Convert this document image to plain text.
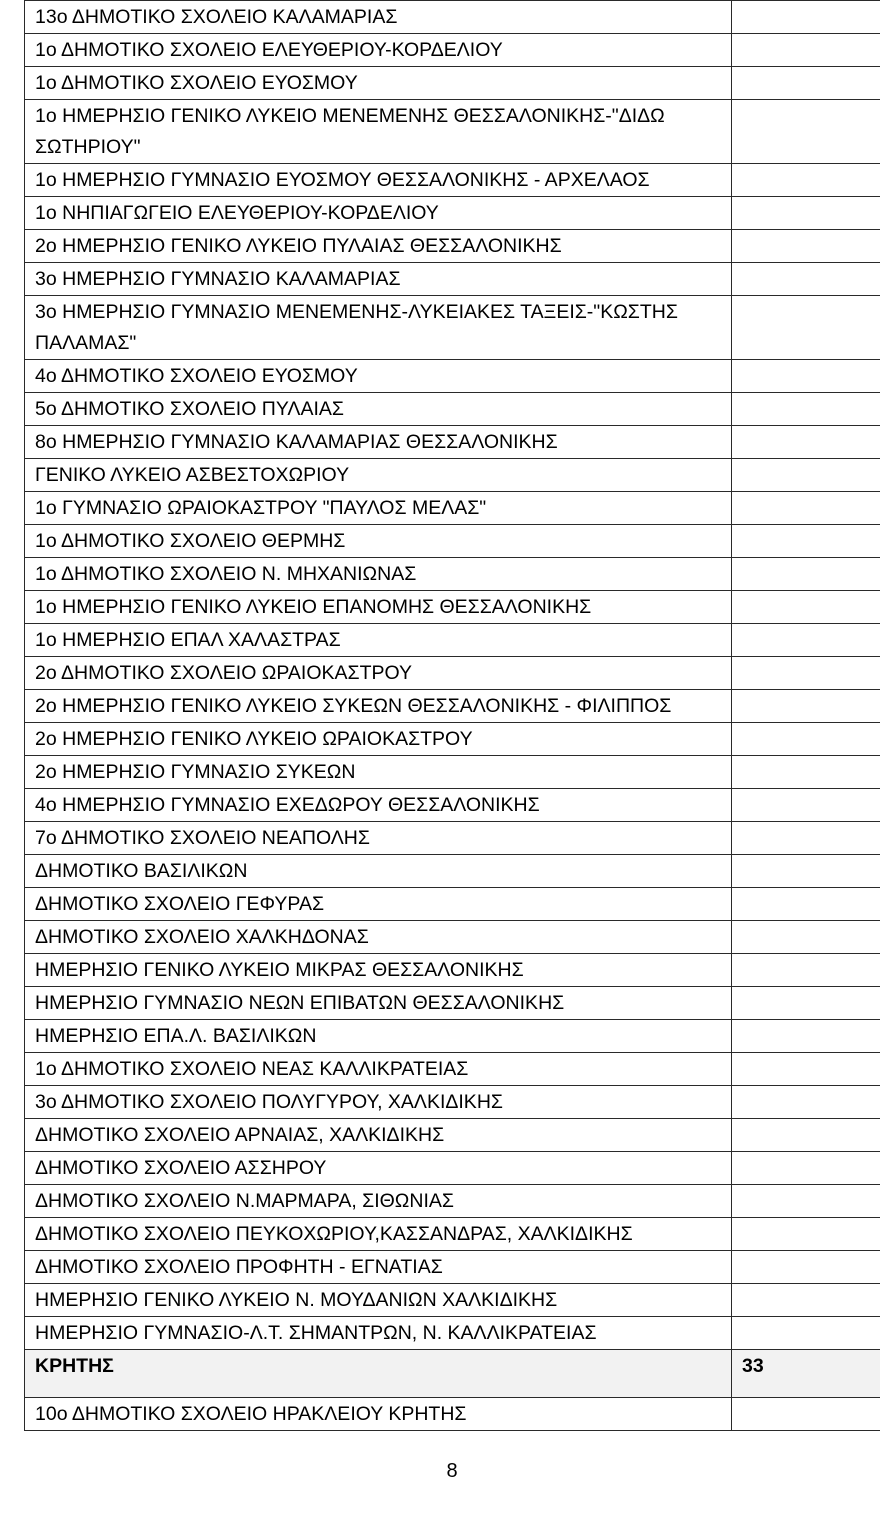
13ο ΔΗΜΟΤΙΚΟ ΣΧΟΛΕΙΟ ΚΑΛΑΜΑΡΙΑΣ	
1ο ΔΗΜΟΤΙΚΟ ΣΧΟΛΕΙΟ ΕΛΕΥΘΕΡΙΟΥ-ΚΟΡΔΕΛΙΟΥ	
1ο ΔΗΜΟΤΙΚΟ ΣΧΟΛΕΙΟ ΕΥΟΣΜΟΥ	
1ο ΗΜΕΡΗΣΙΟ ΓΕΝΙΚΟ ΛΥΚΕΙΟ ΜΕΝΕΜΕΝΗΣ ΘΕΣΣΑΛΟΝΙΚΗΣ-"ΔΙΔΩ ΣΩΤΗΡΙΟΥ"	
1ο ΗΜΕΡΗΣΙΟ ΓΥΜΝΑΣΙΟ ΕΥΟΣΜΟΥ ΘΕΣΣΑΛΟΝΙΚΗΣ - ΑΡΧΕΛΑΟΣ	
1ο ΝΗΠΙΑΓΩΓΕΙΟ ΕΛΕΥΘΕΡΙΟΥ-ΚΟΡΔΕΛΙΟΥ	
2ο ΗΜΕΡΗΣΙΟ ΓΕΝΙΚΟ ΛΥΚΕΙΟ ΠΥΛΑΙΑΣ ΘΕΣΣΑΛΟΝΙΚΗΣ	
3ο ΗΜΕΡΗΣΙΟ ΓΥΜΝΑΣΙΟ ΚΑΛΑΜΑΡΙΑΣ	
3ο ΗΜΕΡΗΣΙΟ ΓΥΜΝΑΣΙΟ ΜΕΝΕΜΕΝΗΣ-ΛΥΚΕΙΑΚΕΣ ΤΑΞΕΙΣ-"ΚΩΣΤΗΣ ΠΑΛΑΜΑΣ"	
4ο ΔΗΜΟΤΙΚΟ ΣΧΟΛΕΙΟ ΕΥΟΣΜΟΥ	
5ο ΔΗΜΟΤΙΚΟ ΣΧΟΛΕΙΟ ΠΥΛΑΙΑΣ	
8ο ΗΜΕΡΗΣΙΟ ΓΥΜΝΑΣΙΟ ΚΑΛΑΜΑΡΙΑΣ ΘΕΣΣΑΛΟΝΙΚΗΣ	
ΓΕΝΙΚΟ ΛΥΚΕΙΟ ΑΣΒΕΣΤΟΧΩΡΙΟΥ	
1ο ΓΥΜΝΑΣΙΟ ΩΡΑΙΟΚΑΣΤΡΟΥ "ΠΑΥΛΟΣ ΜΕΛΑΣ"	
1ο ΔΗΜΟΤΙΚΟ ΣΧΟΛΕΙΟ ΘΕΡΜΗΣ	
1ο ΔΗΜΟΤΙΚΟ ΣΧΟΛΕΙΟ Ν. ΜΗΧΑΝΙΩΝΑΣ	
1ο ΗΜΕΡΗΣΙΟ ΓΕΝΙΚΟ ΛΥΚΕΙΟ ΕΠΑΝΟΜΗΣ ΘΕΣΣΑΛΟΝΙΚΗΣ	
1ο ΗΜΕΡΗΣΙΟ ΕΠΑΛ ΧΑΛΑΣΤΡΑΣ	
2ο ΔΗΜΟΤΙΚΟ ΣΧΟΛΕΙΟ ΩΡΑΙΟΚΑΣΤΡΟΥ	
2ο ΗΜΕΡΗΣΙΟ ΓΕΝΙΚΟ ΛΥΚΕΙΟ ΣΥΚΕΩΝ ΘΕΣΣΑΛΟΝΙΚΗΣ - ΦΙΛΙΠΠΟΣ	
2ο ΗΜΕΡΗΣΙΟ ΓΕΝΙΚΟ ΛΥΚΕΙΟ ΩΡΑΙΟΚΑΣΤΡΟΥ	
2ο ΗΜΕΡΗΣΙΟ ΓΥΜΝΑΣΙΟ ΣΥΚΕΩΝ	
4ο ΗΜΕΡΗΣΙΟ ΓΥΜΝΑΣΙΟ ΕΧΕΔΩΡΟΥ ΘΕΣΣΑΛΟΝΙΚΗΣ	
7ο ΔΗΜΟΤΙΚΟ ΣΧΟΛΕΙΟ ΝΕΑΠΟΛΗΣ	
ΔΗΜΟΤΙΚΟ ΒΑΣΙΛΙΚΩΝ	
ΔΗΜΟΤΙΚΟ ΣΧΟΛΕΙΟ ΓΕΦΥΡΑΣ	
ΔΗΜΟΤΙΚΟ ΣΧΟΛΕΙΟ ΧΑΛΚΗΔΟΝΑΣ	
ΗΜΕΡΗΣΙΟ ΓΕΝΙΚΟ ΛΥΚΕΙΟ ΜΙΚΡΑΣ ΘΕΣΣΑΛΟΝΙΚΗΣ	
ΗΜΕΡΗΣΙΟ ΓΥΜΝΑΣΙΟ ΝΕΩΝ ΕΠΙΒΑΤΩΝ ΘΕΣΣΑΛΟΝΙΚΗΣ	
ΗΜΕΡΗΣΙΟ ΕΠΑ.Λ. ΒΑΣΙΛΙΚΩΝ	
1ο ΔΗΜΟΤΙΚΟ ΣΧΟΛΕΙΟ ΝΕΑΣ ΚΑΛΛΙΚΡΑΤΕΙΑΣ	
3ο ΔΗΜΟΤΙΚΟ ΣΧΟΛΕΙΟ ΠΟΛΥΓΥΡΟΥ, ΧΑΛΚΙΔΙΚΗΣ	
ΔΗΜΟΤΙΚΟ ΣΧΟΛΕΙΟ ΑΡΝΑΙΑΣ, ΧΑΛΚΙΔΙΚΗΣ	
ΔΗΜΟΤΙΚΟ ΣΧΟΛΕΙΟ ΑΣΣΗΡΟΥ	
ΔΗΜΟΤΙΚΟ ΣΧΟΛΕΙΟ Ν.ΜΑΡΜΑΡΑ, ΣΙΘΩΝΙΑΣ	
ΔΗΜΟΤΙΚΟ ΣΧΟΛΕΙΟ ΠΕΥΚΟΧΩΡΙΟΥ,ΚΑΣΣΑΝΔΡΑΣ, ΧΑΛΚΙΔΙΚΗΣ	
ΔΗΜΟΤΙΚΟ ΣΧΟΛΕΙΟ ΠΡΟΦΗΤΗ - ΕΓΝΑΤΙΑΣ	
ΗΜΕΡΗΣΙΟ ΓΕΝΙΚΟ ΛΥΚΕΙΟ Ν. ΜΟΥΔΑΝΙΩΝ ΧΑΛΚΙΔΙΚΗΣ	
ΗΜΕΡΗΣΙΟ ΓΥΜΝΑΣΙΟ-Λ.Τ. ΣΗΜΑΝΤΡΩΝ, Ν. ΚΑΛΛΙΚΡΑΤΕΙΑΣ	
ΚΡΗΤΗΣ	33
10ο ΔΗΜΟΤΙΚΟ ΣΧΟΛΕΙΟ ΗΡΑΚΛΕΙΟΥ ΚΡΗΤΗΣ	
8
